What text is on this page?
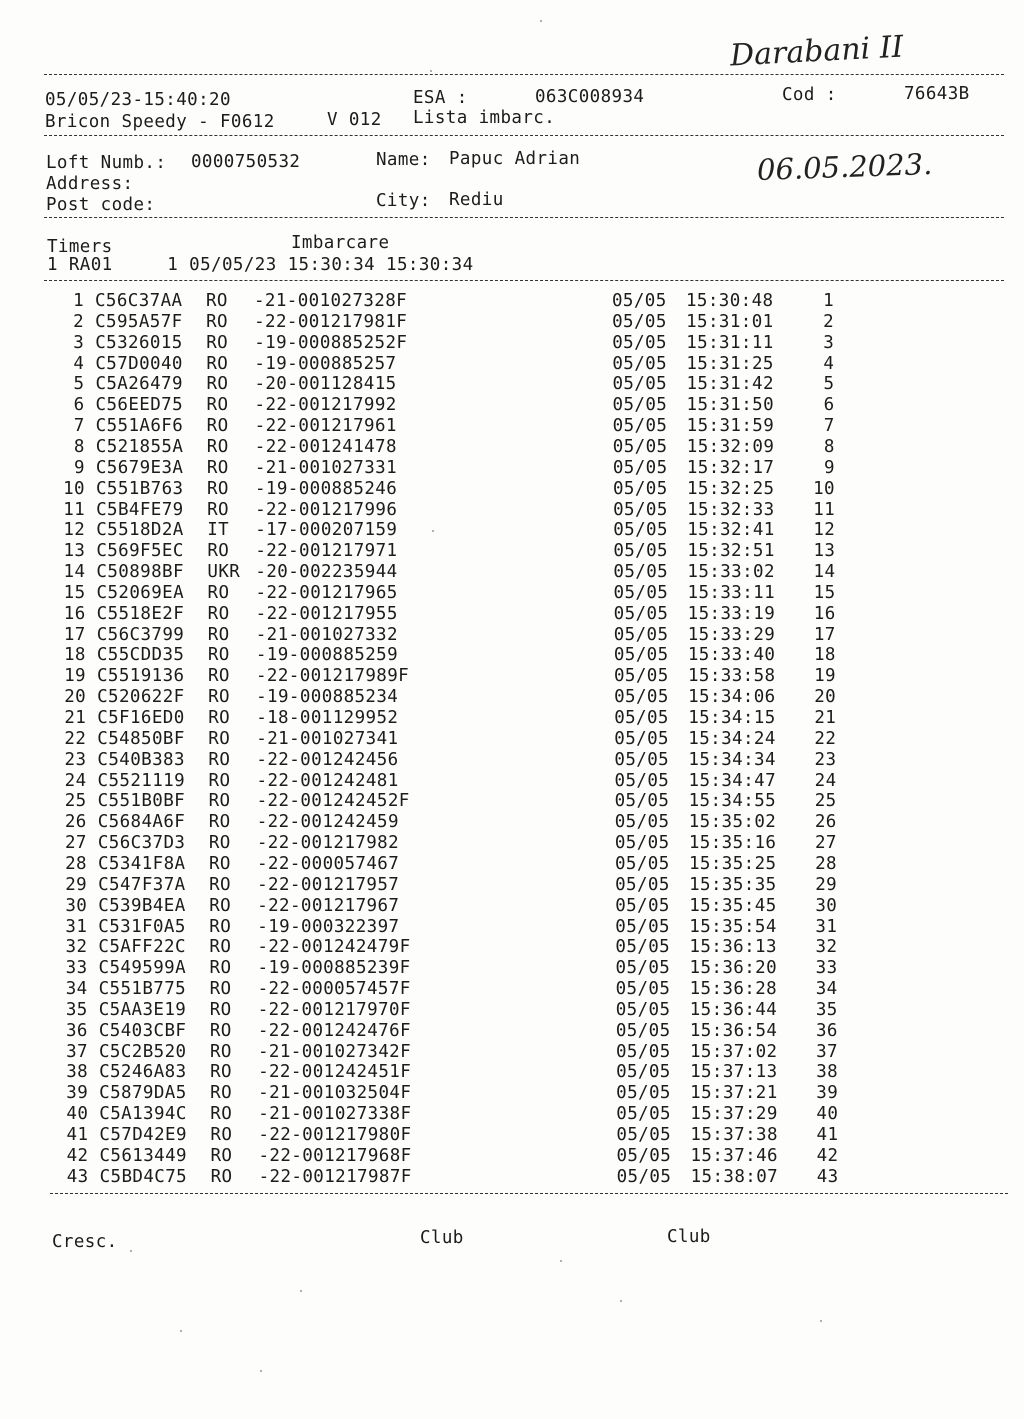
Darabani II
06.05.2023.
05/05/23-15:40:20	ESA :	063C008934	Cod :	76643B
Bricon Speedy - F0612	V 012 Lista imbarc.
Loft Numb.: 0000750532	Name: Papuc Adrian
Address:
Post code:	City: Rediu
Timers	Imbarcare
1 RA01     1 05/05/23 15:30:34 15:30:34
1 C56C37AA RO -21-001027328F	05/05 15:30:48	1
2 C595A57F RO -22-001217981F	05/05 15:31:01	2
3 C5326015 RO -19-000885252F	05/05 15:31:11	3
4 C57D0040 RO -19-000885257	05/05 15:31:25	4
5 C5A26479 RO -20-001128415	05/05 15:31:42	5
6 C56EED75 RO -22-001217992	05/05 15:31:50	6
7 C551A6F6 RO -22-001217961	05/05 15:31:59	7
8 C521855A RO -22-001241478	05/05 15:32:09	8
9 C5679E3A RO -21-001027331	05/05 15:32:17	9
10 C551B763 RO -19-000885246	05/05 15:32:25	10
11 C5B4FE79 RO -22-001217996	05/05 15:32:33	11
12 C5518D2A IT -17-000207159	05/05 15:32:41	12
13 C569F5EC RO -22-001217971	05/05 15:32:51	13
14 C50898BF UKR -20-002235944	05/05 15:33:02	14
15 C52069EA RO -22-001217965	05/05 15:33:11	15
16 C5518E2F RO -22-001217955	05/05 15:33:19	16
17 C56C3799 RO -21-001027332	05/05 15:33:29	17
18 C55CDD35 RO -19-000885259	05/05 15:33:40	18
19 C5519136 RO -22-001217989F	05/05 15:33:58	19
20 C520622F RO -19-000885234	05/05 15:34:06	20
21 C5F16ED0 RO -18-001129952	05/05 15:34:15	21
22 C54850BF RO -21-001027341	05/05 15:34:24	22
23 C540B383 RO -22-001242456	05/05 15:34:34	23
24 C5521119 RO -22-001242481	05/05 15:34:47	24
25 C551B0BF RO -22-001242452F	05/05 15:34:55	25
26 C5684A6F RO -22-001242459	05/05 15:35:02	26
27 C56C37D3 RO -22-001217982	05/05 15:35:16	27
28 C5341F8A RO -22-000057467	05/05 15:35:25	28
29 C547F37A RO -22-001217957	05/05 15:35:35	29
30 C539B4EA RO -22-001217967	05/05 15:35:45	30
31 C531F0A5 RO -19-000322397	05/05 15:35:54	31
32 C5AFF22C RO -22-001242479F	05/05 15:36:13	32
33 C549599A RO -19-000885239F	05/05 15:36:20	33
34 C551B775 RO -22-000057457F	05/05 15:36:28	34
35 C5AA3E19 RO -22-001217970F	05/05 15:36:44	35
36 C5403CBF RO -22-001242476F	05/05 15:36:54	36
37 C5C2B520 RO -21-001027342F	05/05 15:37:02	37
38 C5246A83 RO -22-001242451F	05/05 15:37:13	38
39 C5879DA5 RO -21-001032504F	05/05 15:37:21	39
40 C5A1394C RO -21-001027338F	05/05 15:37:29	40
41 C57D42E9 RO -22-001217980F	05/05 15:37:38	41
42 C5613449 RO -22-001217968F	05/05 15:37:46	42
43 C5BD4C75 RO -22-001217987F	05/05 15:38:07	43
Cresc.	Club	Club
